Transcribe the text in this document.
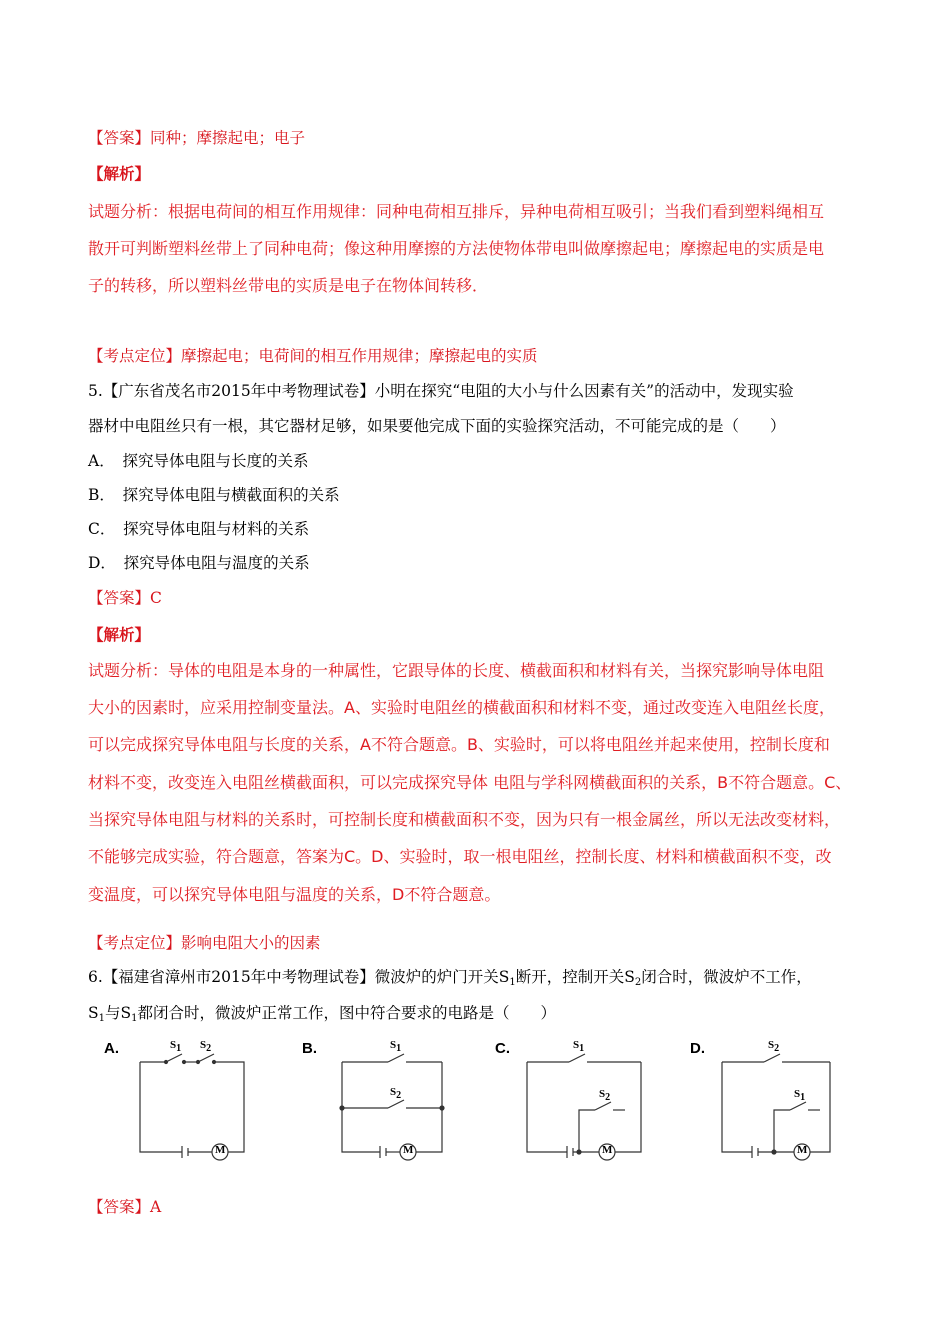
【答案】同种；摩擦起电；电子
【解析】
试题分析：根据电荷间的相互作用规律：同种电荷相互排斥，异种电荷相互吸引；当我们看到塑料绳相互
散开可判断塑料丝带上了同种电荷；像这种用摩擦的方法使物体带电叫做摩擦起电；摩擦起电的实质是电
子的转移，所以塑料丝带电的实质是电子在物体间转移．
【考点定位】摩擦起电；电荷间的相互作用规律；摩擦起电的实质
5.【广东省茂名市2015年中考物理试卷】小明在探究“电阻的大小与什么因素有关”的活动中，发现实验
器材中电阻丝只有一根，其它器材足够，如果要他完成下面的实验探究活动，不可能完成的是（　　）
A．　探究导体电阻与长度的关系
B．　探究导体电阻与横截面积的关系
C．　探究导体电阻与材料的关系
D．　探究导体电阻与温度的关系
【答案】C
【解析】
试题分析：导体的电阻是本身的一种属性，它跟导体的长度、横截面积和材料有关，当探究影响导体电阻
大小的因素时，应采用控制变量法。A、实验时电阻丝的横截面积和材料不变，通过改变连入电阻丝长度，
可以完成探究导体电阻与长度的关系，A不符合题意。B、实验时，可以将电阻丝并起来使用，控制长度和
材料不变，改变连入电阻丝横截面积，可以完成探究导体 电阻与学科网横截面积的关系，B不符合题意。C、
当探究导体电阻与材料的关系时，可控制长度和横截面积不变，因为只有一根金属丝，所以无法改变材料，
不能够完成实验，符合题意，答案为C。D、实验时，取一根电阻丝，控制长度、材料和横截面积不变，改
变温度，可以探究导体电阻与温度的关系，D不符合题意。
【考点定位】影响电阻大小的因素
6.【福建省漳州市2015年中考物理试卷】微波炉的炉门开关$S_1$断开，控制开关$S_2$闭合时，微波炉不工作，
$S_1$与$S_1$都闭合时，微波炉正常工作，图中符合要求的电路是（　　）
A.	$S_1$ $S_2$
M
B.	$S_1$
$S_2$
M
C.	$S_1$
$S_2$
M
D.	$S_2$
$S_1$
M
【答案】A
